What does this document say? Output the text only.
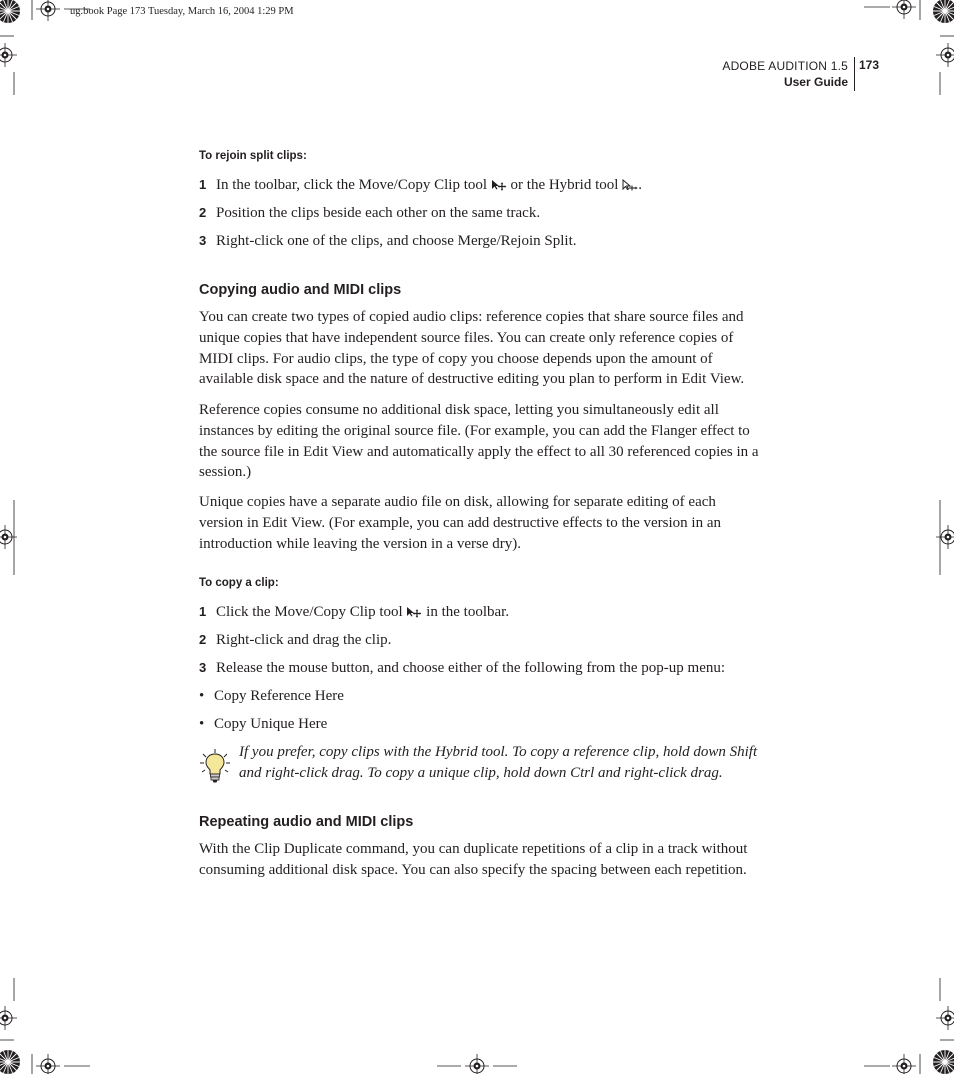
ug.book Page 173 Tuesday, March 16, 2004 1:29 PM
ADOBE AUDITION 1.5
User Guide
173
To rejoin split clips:
1 In the toolbar, click the Move/Copy Clip tool or the Hybrid tool .
2 Position the clips beside each other on the same track.
3 Right-click one of the clips, and choose Merge/Rejoin Split.
Copying audio and MIDI clips
You can create two types of copied audio clips: reference copies that share source files and unique copies that have independent source files. You can create only reference copies of MIDI clips. For audio clips, the type of copy you choose depends upon the amount of available disk space and the nature of destructive editing you plan to perform in Edit View.
Reference copies consume no additional disk space, letting you simultaneously edit all instances by editing the original source file. (For example, you can add the Flanger effect to the source file in Edit View and automatically apply the effect to all 30 referenced copies in a session.)
Unique copies have a separate audio file on disk, allowing for separate editing of each version in Edit View. (For example, you can add destructive effects to the version in an introduction while leaving the version in a verse dry).
To copy a clip:
1 Click the Move/Copy Clip tool in the toolbar.
2 Right-click and drag the clip.
3 Release the mouse button, and choose either of the following from the pop-up menu:
• Copy Reference Here
• Copy Unique Here
If you prefer, copy clips with the Hybrid tool. To copy a reference clip, hold down Shift and right-click drag. To copy a unique clip, hold down Ctrl and right-click drag.
Repeating audio and MIDI clips
With the Clip Duplicate command, you can duplicate repetitions of a clip in a track without consuming additional disk space. You can also specify the spacing between each repetition.
